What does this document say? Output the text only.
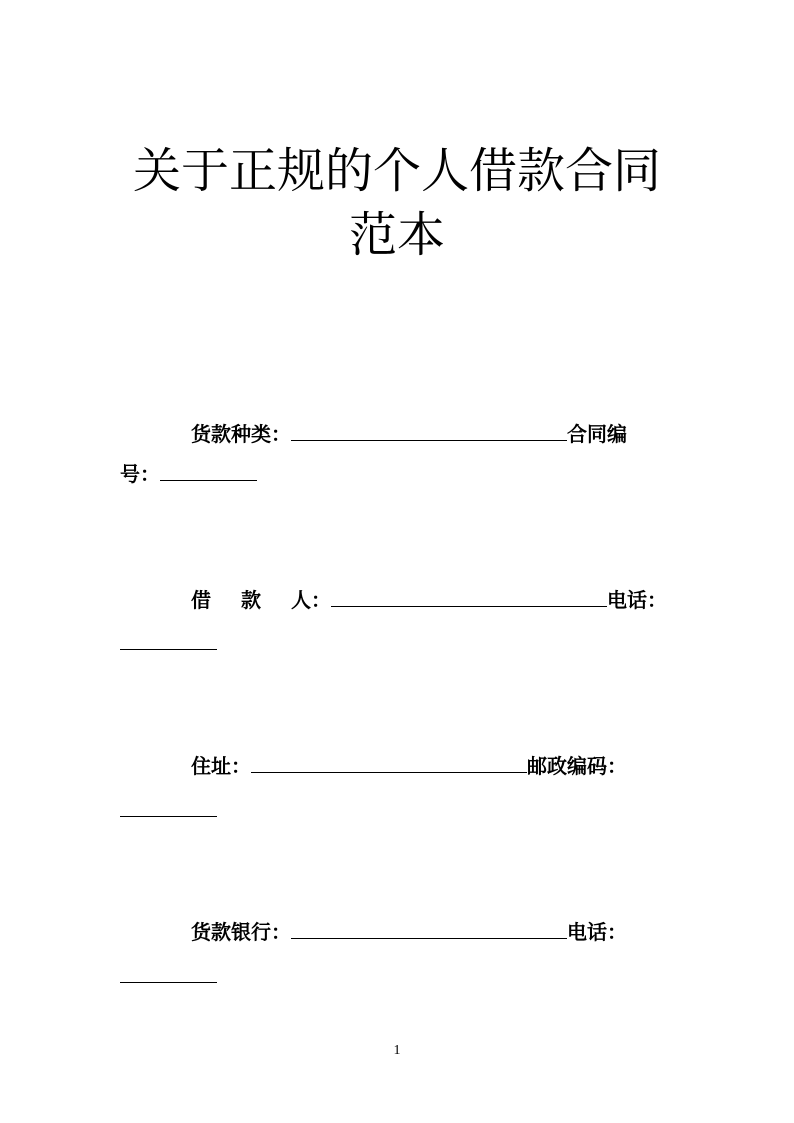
关于正规的个人借款合同
范本
货款种类：	合同编
号：
借 款 人：	电话：
住址：	邮政编码：
货款银行：	电话：
1
